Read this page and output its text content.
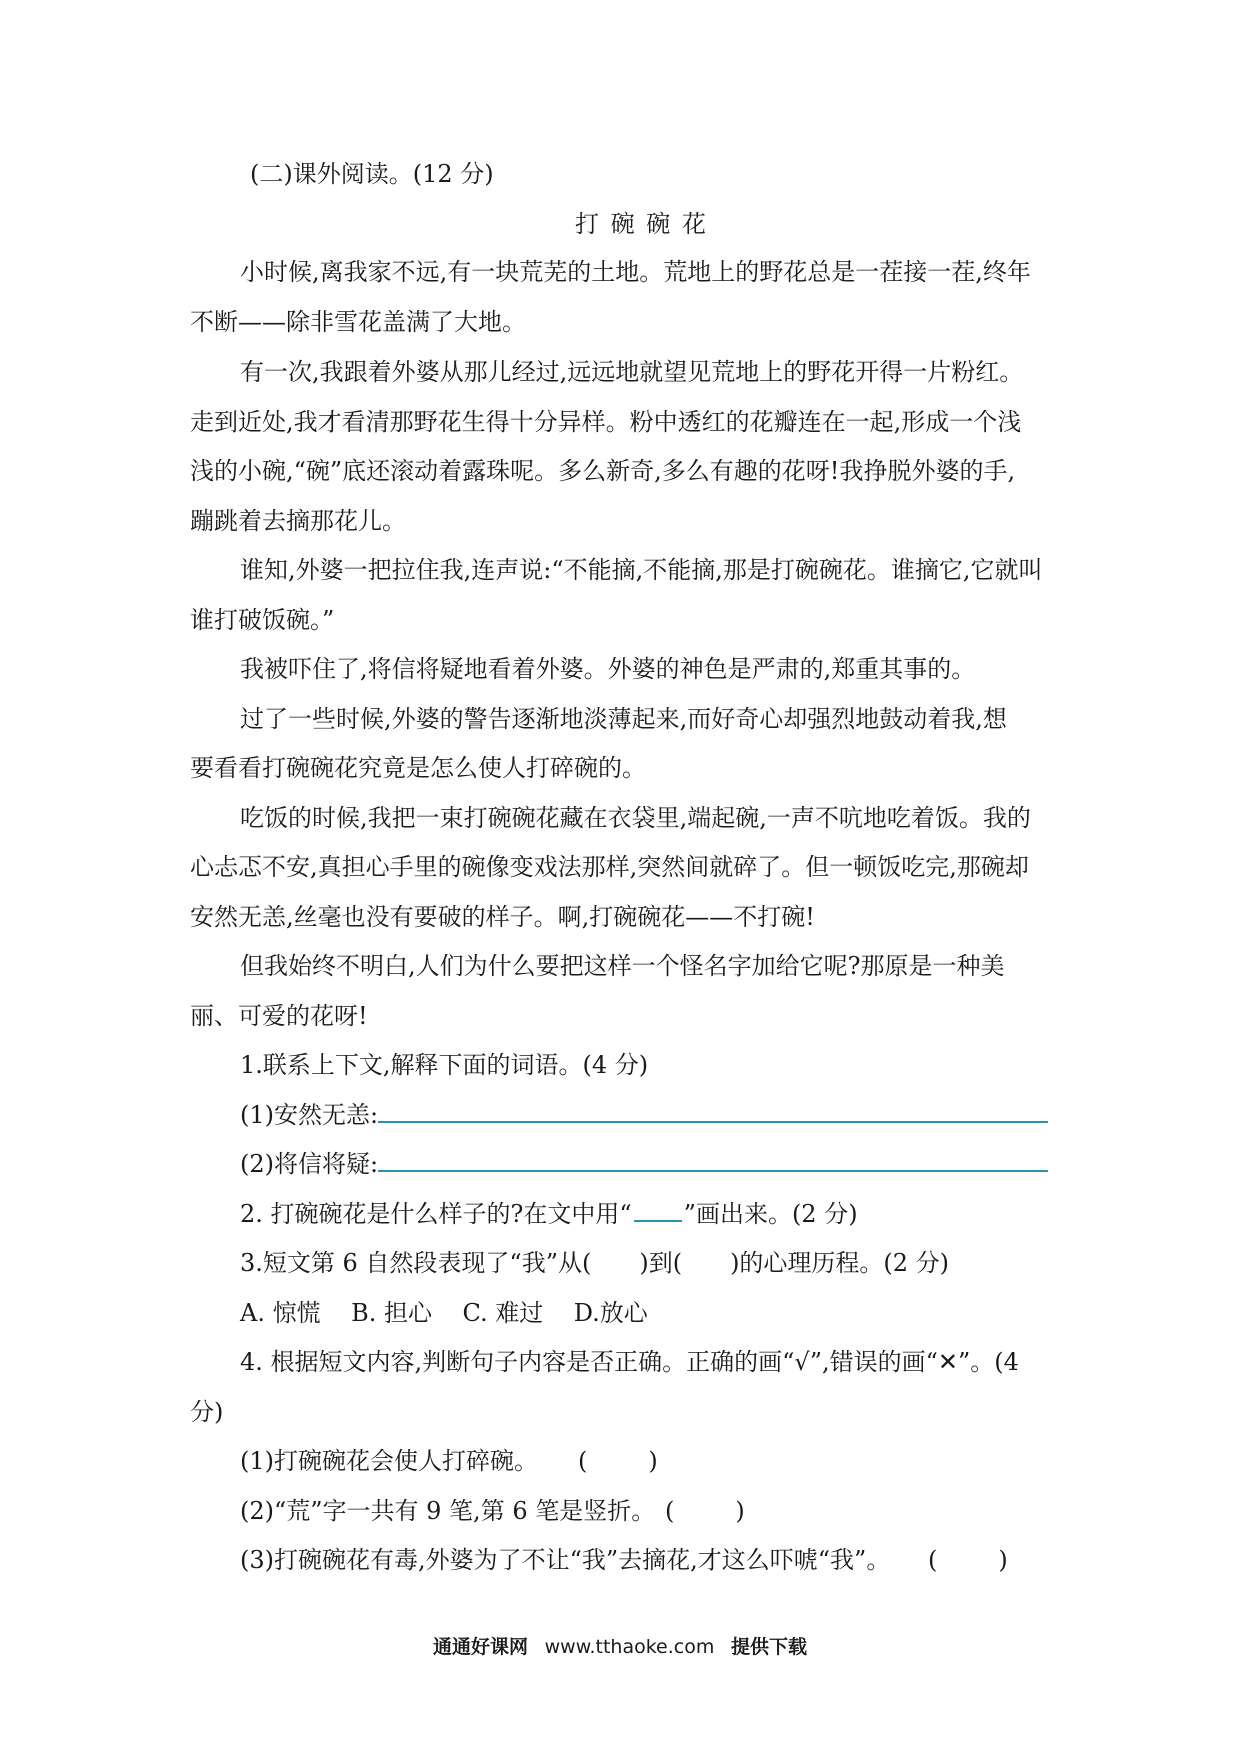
(二)课外阅读。(12 分)

打 碗 碗 花

小时候,离我家不远,有一块荒芜的土地。荒地上的野花总是一茬接一茬,终年

不断——除非雪花盖满了大地。

有一次,我跟着外婆从那儿经过,远远地就望见荒地上的野花开得一片粉红。

走到近处,我才看清那野花生得十分异样。粉中透红的花瓣连在一起,形成一个浅

浅的小碗,“碗”底还滚动着露珠呢。多么新奇,多么有趣的花呀!我挣脱外婆的手,

蹦跳着去摘那花儿。

谁知,外婆一把拉住我,连声说:“不能摘,不能摘,那是打碗碗花。谁摘它,它就叫

谁打破饭碗。”

我被吓住了,将信将疑地看着外婆。外婆的神色是严肃的,郑重其事的。

过了一些时候,外婆的警告逐渐地淡薄起来,而好奇心却强烈地鼓动着我,想

要看看打碗碗花究竟是怎么使人打碎碗的。

吃饭的时候,我把一束打碗碗花藏在衣袋里,端起碗,一声不吭地吃着饭。我的

心忐忑不安,真担心手里的碗像变戏法那样,突然间就碎了。但一顿饭吃完,那碗却

安然无恙,丝毫也没有要破的样子。啊,打碗碗花——不打碗!

但我始终不明白,人们为什么要把这样一个怪名字加给它呢?那原是一种美

丽、可爱的花呀!

1.联系上下文,解释下面的词语。(4 分)

(1)安然无恙:

(2)将信将疑:

2. 打碗碗花是什么样子的?在文中用“ ”画出来。(2 分)

3.短文第 6 自然段表现了“我”从( )到( )的心理历程。(2 分)

A. 惊慌    B. 担心    C. 难过    D.放心

4. 根据短文内容,判断句子内容是否正确。正确的画“√”,错误的画“✕”。(4

分)

(1)打碗碗花会使人打碎碗。 (        )

(2)“荒”字一共有 9 笔,第 6 笔是竖折。 (        )

(3)打碗碗花有毒,外婆为了不让“我”去摘花,才这么吓唬“我”。 (        )

通通好课网 www.tthaoke.com 提供下载
